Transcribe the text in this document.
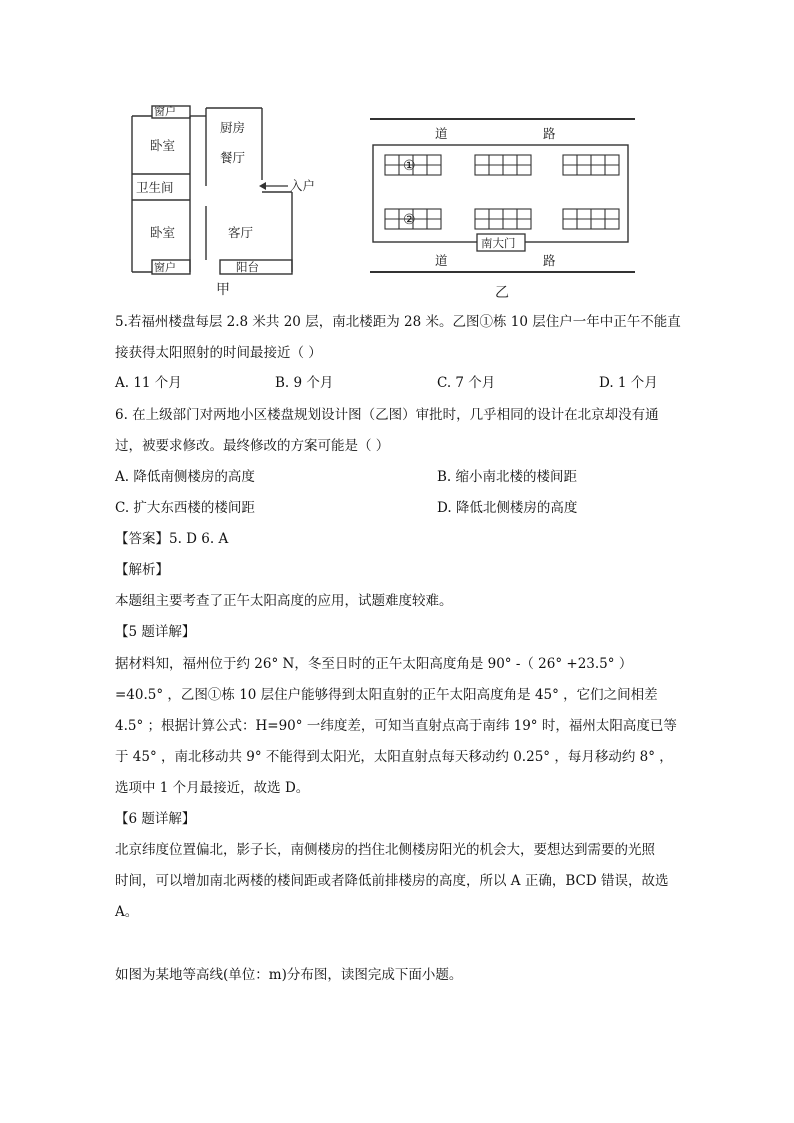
窗户
卧室
厨房
餐厅
卫生间	入户
卧室	客厅
窗户	阳台
甲
道	路
①
②
南大门
道	路
乙
5.若福州楼盘每层 2.8 米共 20 层，南北楼距为 28 米。乙图①栋 10 层住户一年中正午不能直
接获得太阳照射的时间最接近（ ）
A. 11 个月	B. 9 个月	C. 7 个月	D. 1 个月
6. 在上级部门对两地小区楼盘规划设计图（乙图）审批时，几乎相同的设计在北京却没有通
过，被要求修改。最终修改的方案可能是（ ）
A. 降低南侧楼房的高度	B. 缩小南北楼的楼间距
C. 扩大东西楼的楼间距	D. 降低北侧楼房的高度
【答案】5. D 6. A
【解析】
本题组主要考查了正午太阳高度的应用，试题难度较难。
【5 题详解】
据材料知，福州位于约 26° N，冬至日时的正午太阳高度角是 90° -（ 26° +23.5° ）
=40.5° ，乙图①栋 10 层住户能够得到太阳直射的正午太阳高度角是 45° ，它们之间相差
4.5° ；根据计算公式：H=90° 一纬度差，可知当直射点高于南纬 19° 时，福州太阳高度已等
于 45° ，南北移动共 9° 不能得到太阳光，太阳直射点每天移动约 0.25° ，每月移动约 8° ，
选项中 1 个月最接近，故选 D。
【6 题详解】
北京纬度位置偏北，影子长，南侧楼房的挡住北侧楼房阳光的机会大，要想达到需要的光照
时间，可以增加南北两楼的楼间距或者降低前排楼房的高度，所以 A 正确，BCD 错误，故选
A。
如图为某地等高线(单位：m)分布图，读图完成下面小题。
